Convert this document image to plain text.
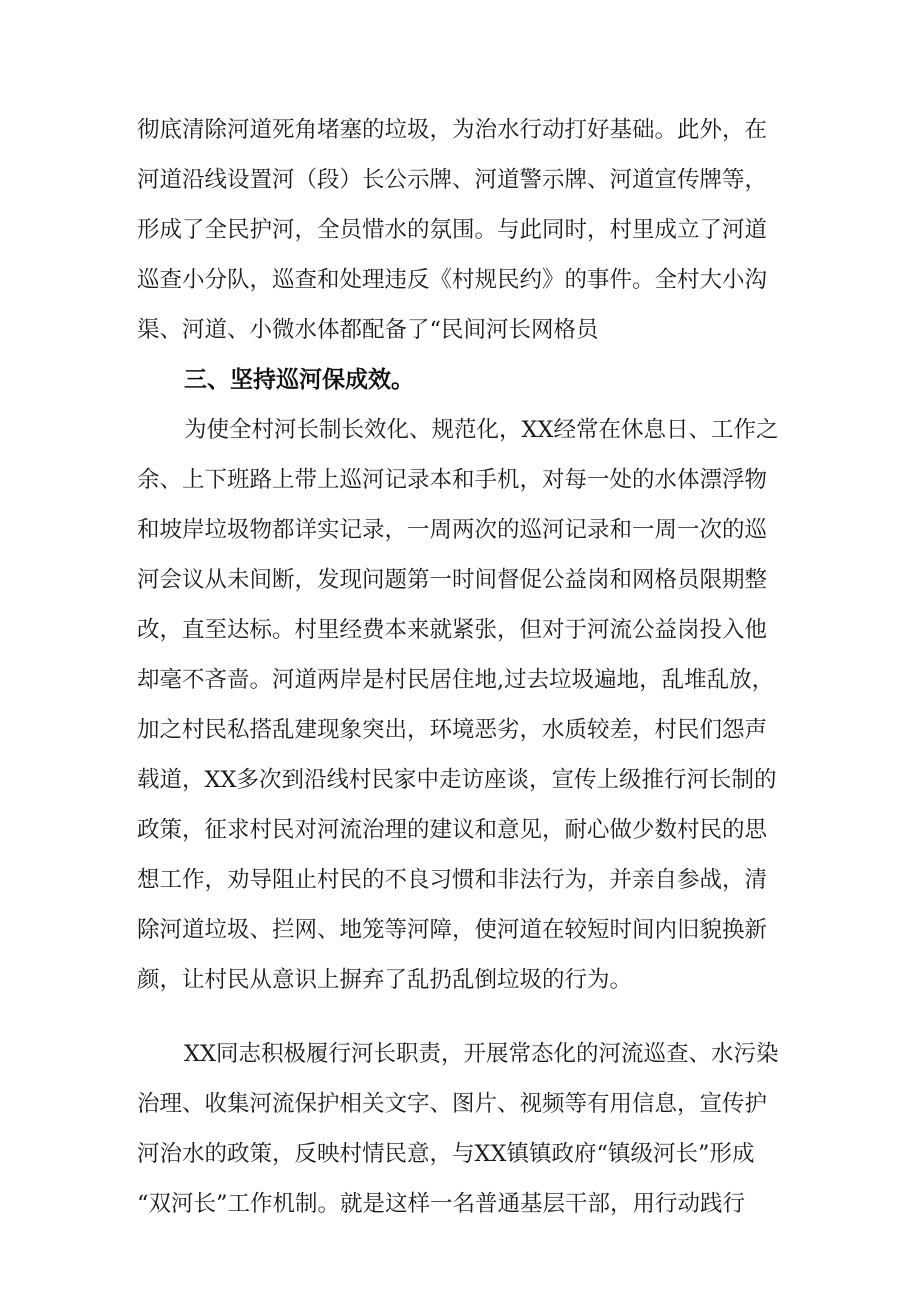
彻底清除河道死角堵塞的垃圾，为治水行动打好基础。此外，在
河道沿线设置河（段）长公示牌、河道警示牌、河道宣传牌等，
形成了全民护河，全员惜水的氛围。与此同时，村里成立了河道
巡查小分队，巡查和处理违反《村规民约》的事件。全村大小沟
渠、河道、小微水体都配备了“民间河长网格员
三、坚持巡河保成效。
为使全村河长制长效化、规范化，XX经常在休息日、工作之
余、上下班路上带上巡河记录本和手机，对每一处的水体漂浮物
和坡岸垃圾物都详实记录，一周两次的巡河记录和一周一次的巡
河会议从未间断，发现问题第一时间督促公益岗和网格员限期整
改，直至达标。村里经费本来就紧张，但对于河流公益岗投入他
却毫不吝啬。河道两岸是村民居住地,过去垃圾遍地，乱堆乱放，
加之村民私搭乱建现象突出，环境恶劣，水质较差，村民们怨声
载道，XX多次到沿线村民家中走访座谈，宣传上级推行河长制的
政策，征求村民对河流治理的建议和意见，耐心做少数村民的思
想工作，劝导阻止村民的不良习惯和非法行为，并亲自参战，清
除河道垃圾、拦网、地笼等河障，使河道在较短时间内旧貌换新
颜，让村民从意识上摒弃了乱扔乱倒垃圾的行为。
XX同志积极履行河长职责，开展常态化的河流巡查、水污染
治理、收集河流保护相关文字、图片、视频等有用信息，宣传护
河治水的政策，反映村情民意，与XX镇镇政府“镇级河长”形成
“双河长”工作机制。就是这样一名普通基层干部，用行动践行
